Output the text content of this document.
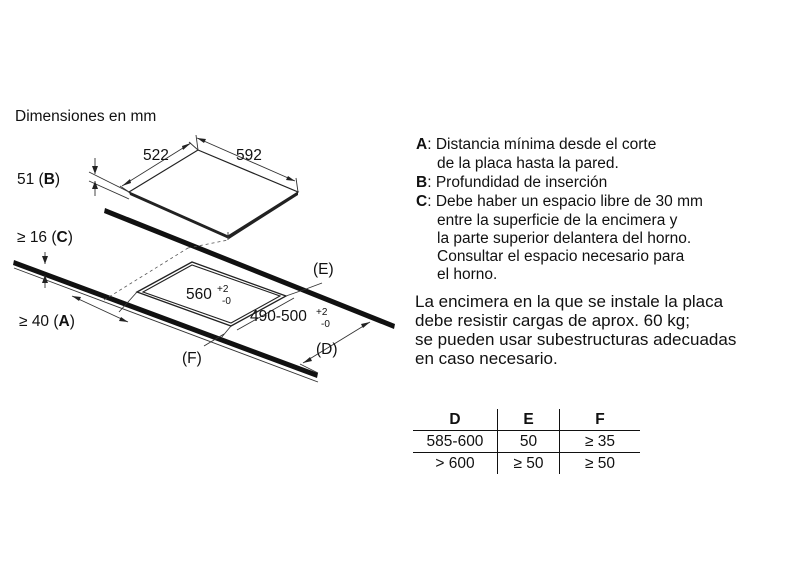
Dimensiones en mm
522	592
51 (B)
≥ 16 (C)
≥ 40 (A)
560 +2
-0
490-500 +2
-0
(E)
(D)
(F)
A: Distancia mínima desde el corte
de la placa hasta la pared.
B: Profundidad de inserción
C: Debe haber un espacio libre de 30 mm
entre la superficie de la encimera y
la parte superior delantera del horno.
Consultar el espacio necesario para
el horno.
La encimera en la que se instale la placa
debe resistir cargas de aprox. 60 kg;
se pueden usar subestructuras adecuadas
en caso necesario.
D	E	F
585-600	50	≥ 35
> 600	≥ 50	≥ 50
